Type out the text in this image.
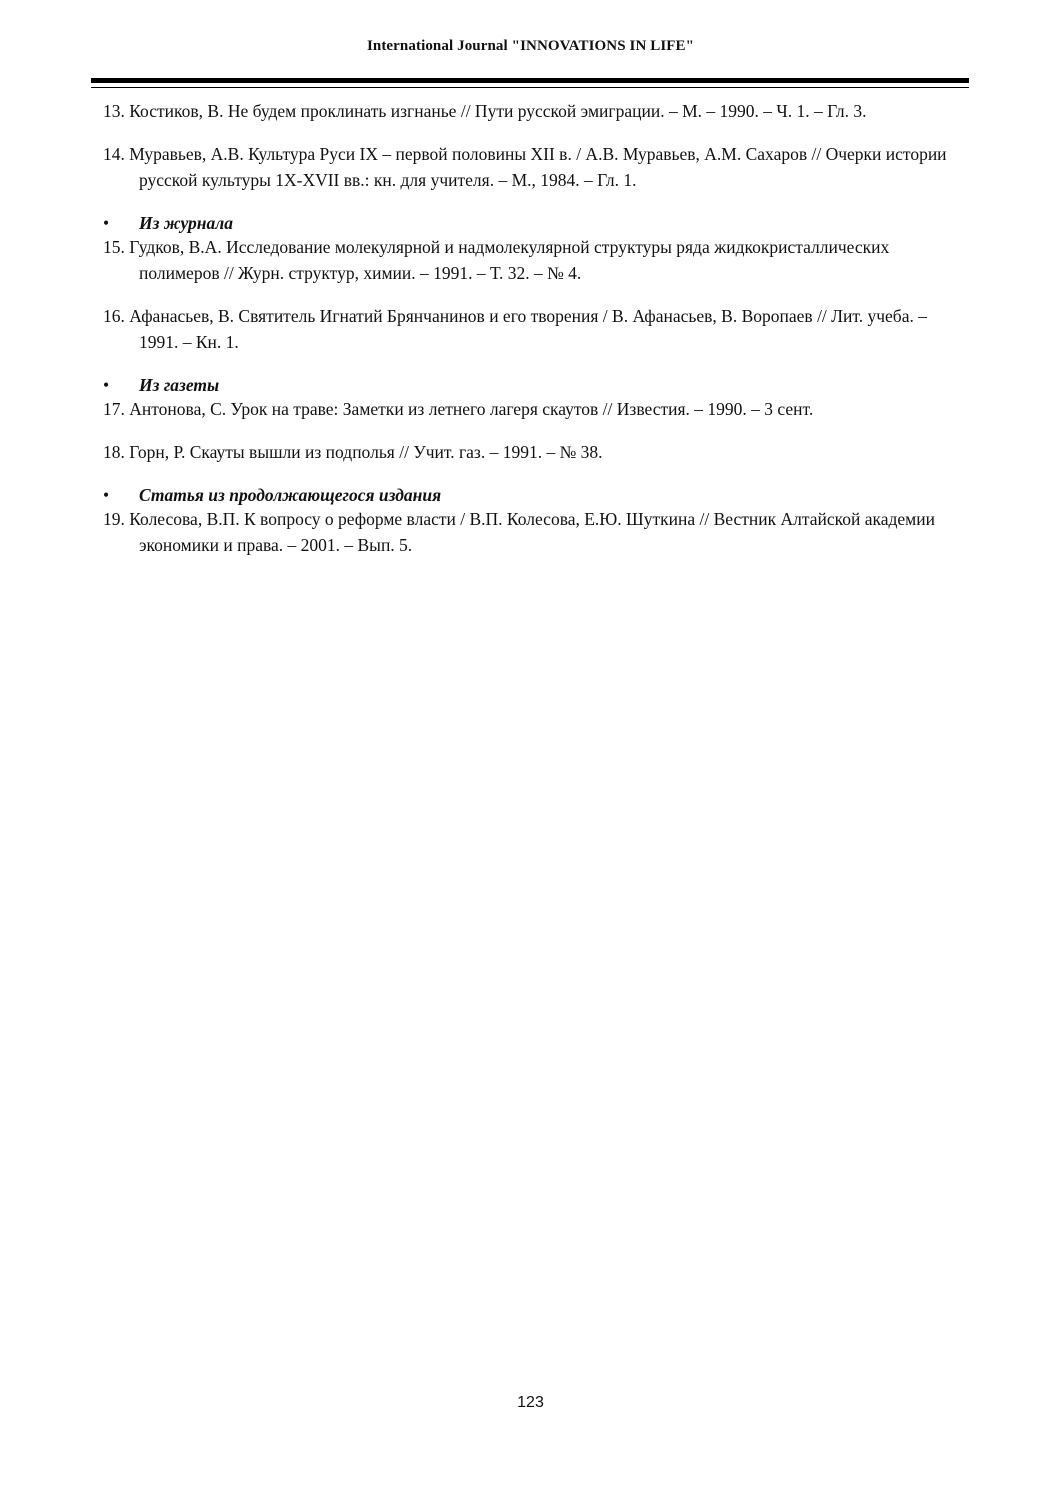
International Journal "INNOVATIONS IN LIFE"

13. Костиков, В. Не будем проклинать изгнанье // Пути русской эмиграции. – М. – 1990. – Ч. 1. – Гл. 3.

14. Муравьев, А.В. Культура Руси IX – первой половины XII в. / А.В. Муравьев, А.М. Сахаров // Очерки истории русской культуры 1X-XVII вв.: кн. для учителя. – М., 1984. – Гл. 1.

• Из журнала

15. Гудков, В.А. Исследование молекулярной и надмолекулярной структуры ряда жидкокристаллических полимеров // Журн. структур, химии. – 1991. – Т. 32. – № 4.

16. Афанасьев, В. Святитель Игнатий Брянчанинов и его творения / В. Афанасьев, В. Воропаев // Лит. учеба. – 1991. – Кн. 1.

• Из газеты

17. Антонова, С. Урок на траве: Заметки из летнего лагеря скаутов // Известия. – 1990. – 3 сент.

18. Горн, Р. Скауты вышли из подполья // Учит. газ. – 1991. – № 38.

• Статья из продолжающегося издания

19. Колесова, В.П. К вопросу о реформе власти / В.П. Колесова, Е.Ю. Шуткина // Вестник Алтайской академии экономики и права. – 2001. – Вып. 5.

123
